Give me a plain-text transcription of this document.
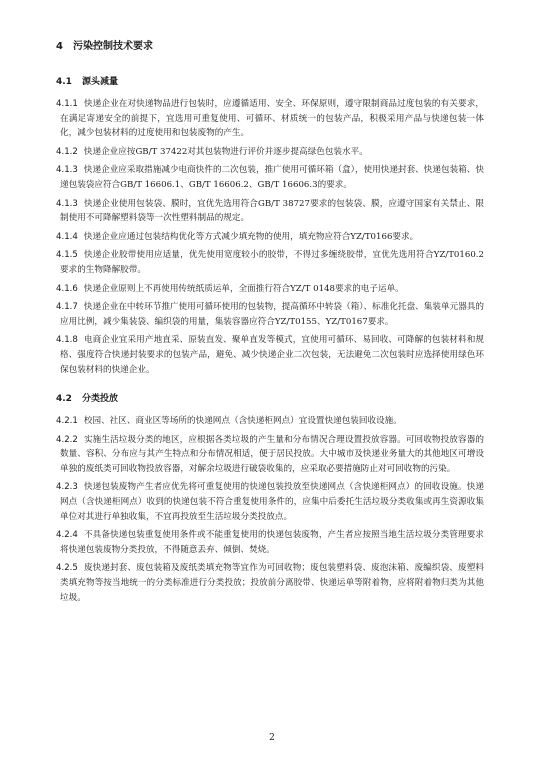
4 污染控制技术要求
4.1 源头减量

4.1.1 快递企业在对快递物品进行包装时，应遵循适用、安全、环保原则，遵守限制商品过度包装的有关要求，在满足寄递安全的前提下，宜选用可重复使用、可循环、材质统一的包装产品，积极采用产品与快递包装一体化，减少包装材料的过度使用和包装废物的产生。

4.1.2 快递企业应按GB/T 37422对其包装物进行评价并逐步提高绿色包装水平。

4.1.3 快递企业应采取措施减少电商快件的二次包装，推广使用可循环箱（盒），使用快递封套、快递包装箱、快递包装袋应符合GB/T 16606.1、GB/T 16606.2、GB/T 16606.3的要求。

4.1.3 快递企业使用包装袋、膜时，宜优先选用符合GB/T 38727要求的包装袋、膜，应遵守国家有关禁止、限制使用不可降解塑料袋等一次性塑料制品的规定。

4.1.4 快递企业应通过包装结构优化等方式减少填充物的使用，填充物应符合YZ/T0166要求。

4.1.5 快递企业胶带使用应适量，优先使用宽度较小的胶带，不得过多缠绕胶带，宜优先选用符合YZ/T0160.2要求的生物降解胶带。

4.1.6 快递企业原则上不再使用传统纸质运单，全面推行符合YZ/T 0148要求的电子运单。

4.1.7 快递企业在中转环节推广使用可循环使用的包装物，提高循环中转袋（箱）、标准化托盘、集装单元器具的应用比例，减少集装袋、编织袋的用量，集装容器应符合YZ/T0155、YZ/T0167要求。

4.1.8 电商企业宜采用产地直采、原装直发、聚单直发等模式，宜使用可循环、易回收、可降解的包装材料和规格、强度符合快递封装要求的包装产品，避免、减少快递企业二次包装，无法避免二次包装时应选择使用绿色环保包装材料的快递企业。

4.2 分类投放

4.2.1 校园、社区、商业区等场所的快递网点（含快递柜网点）宜设置快递包装回收设施。

4.2.2 实施生活垃圾分类的地区，应根据各类垃圾的产生量和分布情况合理设置投放容器。可回收物投放容器的数量、容积、分布应与其产生特点和分布情况相适，便于居民投放。大中城市及快递业务量大的其他地区可增设单独的废纸类可回收物投放容器，对解余垃圾进行破袋收集的，应采取必要措施防止对可回收物的污染。

4.2.3 快递包装废物产生者应优先将可重复使用的快递包装投放至快递网点（含快递柜网点）的回收设施。快递网点（含快递柜网点）收到的快递包装不符合重复使用条件的，应集中后委托生活垃圾分类收集或再生资源收集单位对其进行单独收集，不宜再投放至生活垃圾分类投放点。

4.2.4 不具备快递包装重复使用条件或不能重复使用的快递包装废物，产生者应按照当地生活垃圾分类管理要求将快递包装废物分类投放，不得随意丢弃、倾倒、焚烧。

4.2.5 废快递封套、废包装箱及废纸类填充物等宜作为可回收物；废包装塑料袋、废泡沫箱、废编织袋、废塑料类填充物等按当地统一的分类标准进行分类投放；投放前分离胶带、快递运单等附着物，应将附着物归类为其他垃圾。

2
